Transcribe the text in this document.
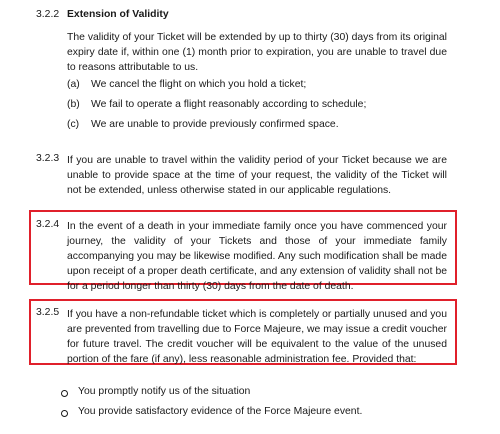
3.2.2 Extension of Validity
The validity of your Ticket will be extended by up to thirty (30) days from its original expiry date if, within one (1) month prior to expiration, you are unable to travel due to reasons attributable to us.
(a) We cancel the flight on which you hold a ticket;
(b) We fail to operate a flight reasonably according to schedule;
(c) We are unable to provide previously confirmed space.
3.2.3 If you are unable to travel within the validity period of your Ticket because we are unable to provide space at the time of your request, the validity of the Ticket will not be extended, unless otherwise stated in our applicable regulations.
3.2.4 In the event of a death in your immediate family once you have commenced your journey, the validity of your Tickets and those of your immediate family accompanying you may be likewise modified. Any such modification shall be made upon receipt of a proper death certificate, and any extension of validity shall not be for a period longer than thirty (30) days from the date of death.
3.2.5 If you have a non-refundable ticket which is completely or partially unused and you are prevented from travelling due to Force Majeure, we may issue a credit voucher for future travel. The credit voucher will be equivalent to the value of the unused portion of the fare (if any), less reasonable administration fee. Provided that:
You promptly notify us of the situation
You provide satisfactory evidence of the Force Majeure event.
